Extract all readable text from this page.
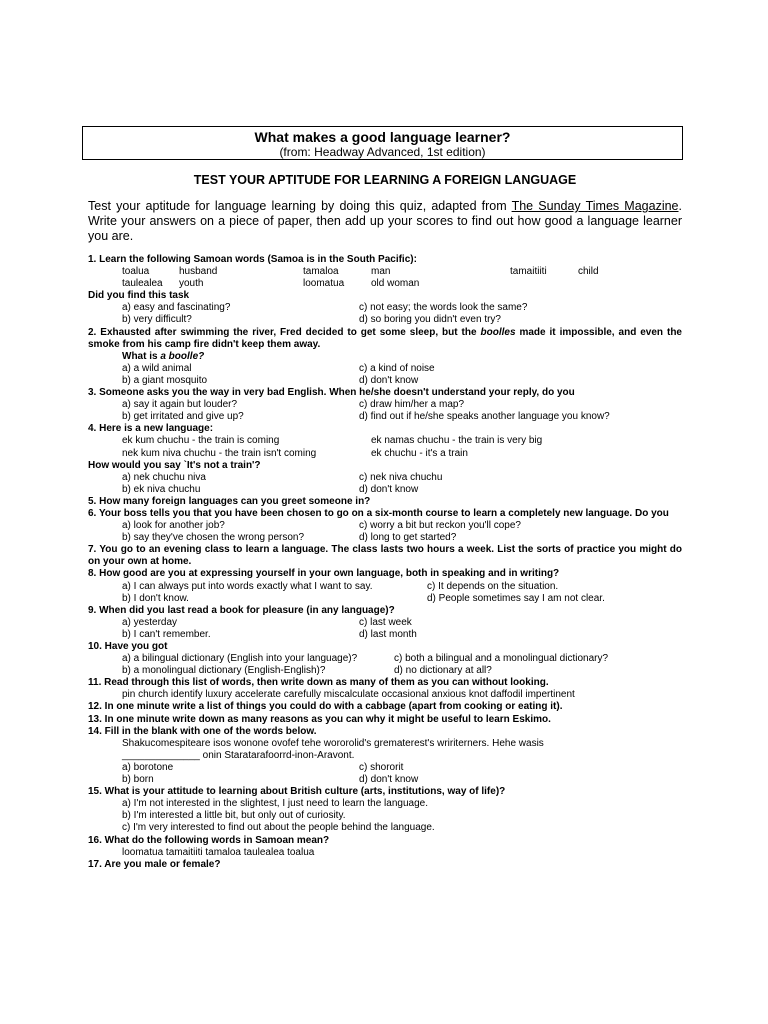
What makes a good language learner?
(from: Headway Advanced, 1st edition)
TEST YOUR APTITUDE FOR LEARNING A FOREIGN LANGUAGE
Test your aptitude for language learning by doing this quiz, adapted from The Sunday Times Magazine. Write your answers on a piece of paper, then add up your scores to find out how good a language learner you are.
1. Learn the following Samoan words (Samoa is in the South Pacific):
toalua	husband	tamaloa	man	tamaitiiti	child
taulealea youth	loomatua	old woman
Did you find this task
a) easy and fascinating?	c) not easy; the words look the same?
b) very difficult?	d) so boring you didn't even try?
2. Exhausted after swimming the river, Fred decided to get some sleep, but the boolles made it impossible, and even the smoke from his camp fire didn't keep them away.
What is a boolle?
a) a wild animal	c) a kind of noise
b) a giant mosquito	d) don't know
3. Someone asks you the way in very bad English. When he/she doesn't understand your reply, do you
a) say it again but louder?	c) draw him/her a map?
b) get irritated and give up?	d) find out if he/she speaks another language you know?
4. Here is a new language:
ek kum chuchu - the train is coming	ek namas chuchu - the train is very big
nek kum niva chuchu - the train isn't coming	ek chuchu - it's a train
How would you say `It's not a train'?
a) nek chuchu niva	c) nek niva chuchu
b) ek niva chuchu	d) don't know
5. How many foreign languages can you greet someone in?
6. Your boss tells you that you have been chosen to go on a six-month course to learn a completely new language. Do you
a) look for another job?	c) worry a bit but reckon you'll cope?
b) say they've chosen the wrong person?	d) long to get started?
7. You go to an evening class to learn a language. The class lasts two hours a week. List the sorts of practice you might do on your own at home.
8. How good are you at expressing yourself in your own language, both in speaking and in writing?
a) I can always put into words exactly what I want to say.	c) It depends on the situation.
b) I don't know.	d) People sometimes say I am not clear.
9. When did you last read a book for pleasure (in any language)?
a) yesterday	c) last week
b) I can't remember.	d) last month
10. Have you got
a) a bilingual dictionary (English into your language)?	c) both a bilingual and a monolingual dictionary?
b) a monolingual dictionary (English-English)?	d) no dictionary at all?
11. Read through this list of words, then write down as many of them as you can without looking.
pin church identify luxury accelerate carefully miscalculate occasional anxious knot daffodil impertinent
12. In one minute write a list of things you could do with a cabbage (apart from cooking or eating it).
13. In one minute write down as many reasons as you can why it might be useful to learn Eskimo.
14. Fill in the blank with one of the words below.
Shakucomespiteare isos wonone ovofef tehe wororolid's grematerest's wririterners. Hehe wasis
______________ onin Staratarafoorrd-inon-Aravont.
a) borotone	c) shororit
b) born	d) don't know
15. What is your attitude to learning about British culture (arts, institutions, way of life)?
a) I'm not interested in the slightest, I just need to learn the language.
b) I'm interested a little bit, but only out of curiosity.
c) I'm very interested to find out about the people behind the language.
16. What do the following words in Samoan mean?
loomatua tamaitiiti tamaloa taulealea toalua
17. Are you male or female?
